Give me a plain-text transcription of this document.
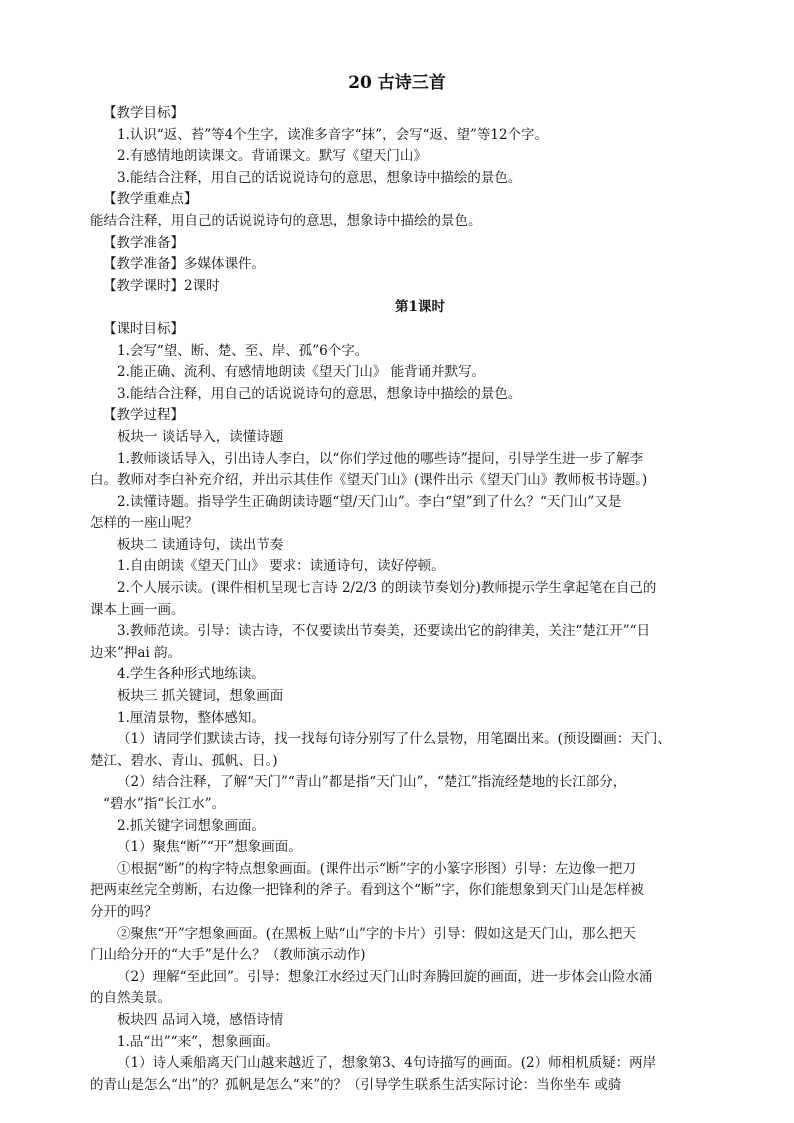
20 古诗三首

【教学目标】

1.认识“返、苔”等4个生字，读准多音字“抹”，会写“返、望”等12个字。

2.有感情地朗读课文。背诵课文。默写《望天门山》

3.能结合注释，用自己的话说说诗句的意思，想象诗中描绘的景色。

【教学重难点】

能结合注释，用自己的话说说诗句的意思，想象诗中描绘的景色。

【教学准备】

【教学准备】多媒体课件。

【教学课时】2课时

第1课时

【课时目标】

1.会写“望、断、楚、至、岸、孤”6个字。

2.能正确、流利、有感情地朗读《望天门山》 能背诵并默写。

3.能结合注释，用自己的话说说诗句的意思，想象诗中描绘的景色。

【教学过程】

板块一 谈话导入，读懂诗题

1.教师谈话导入，引出诗人李白，以“你们学过他的哪些诗”提问，引导学生进一步了解李

白。教师对李白补充介绍，并出示其佳作《望天门山》(课件出示《望天门山》教师板书诗题。)

2.读懂诗题。指导学生正确朗读诗题“望/天门山”。李白“望”到了什么？“天门山”又是

怎样的一座山呢？

板块二 读通诗句，读出节奏

1.自由朗读《望天门山》 要求：读通诗句，读好停顿。

2.个人展示读。(课件相机呈现七言诗 2/2/3 的朗读节奏划分)教师提示学生拿起笔在自己的

课本上画一画。

3.教师范读。引导：读古诗，不仅要读出节奏美，还要读出它的韵律美，关注“楚江开”“日

边来”押ai 韵。

4.学生各种形式地练读。

板块三 抓关键词，想象画面

1.厘清景物，整体感知。

（1）请同学们默读古诗，找一找每句诗分别写了什么景物，用笔圈出来。(预设圈画：天门、

楚江、碧水、青山、孤帆、日。)

（2）结合注释，了解“天门”“青山”都是指“天门山”，“楚江”指流经楚地的长江部分，

“碧水”指“长江水”。

2.抓关键字词想象画面。

（1）聚焦“断”“开”想象画面。

①根据“断”的构字特点想象画面。(课件出示“断”字的小篆字形图）引导：左边像一把刀

把两束丝完全剪断，右边像一把锋利的斧子。看到这个“断”字，你们能想象到天门山是怎样被

分开的吗？

②聚焦“开”字想象画面。(在黑板上贴“山”字的卡片）引导：假如这是天门山，那么把天

门山给分开的“大手”是什么？（教师演示动作)

（2）理解“至此回”。引导：想象江水经过天门山时奔腾回旋的画面，进一步体会山险水涌

的自然美景。

板块四 品词入境，感悟诗情

1.品“出”“来”，想象画面。

（1）诗人乘船离天门山越来越近了，想象第3、4句诗描写的画面。(2）师相机质疑：两岸

的青山是怎么“出”的？孤帆是怎么“来”的？（引导学生联系生活实际讨论：当你坐车 或骑
